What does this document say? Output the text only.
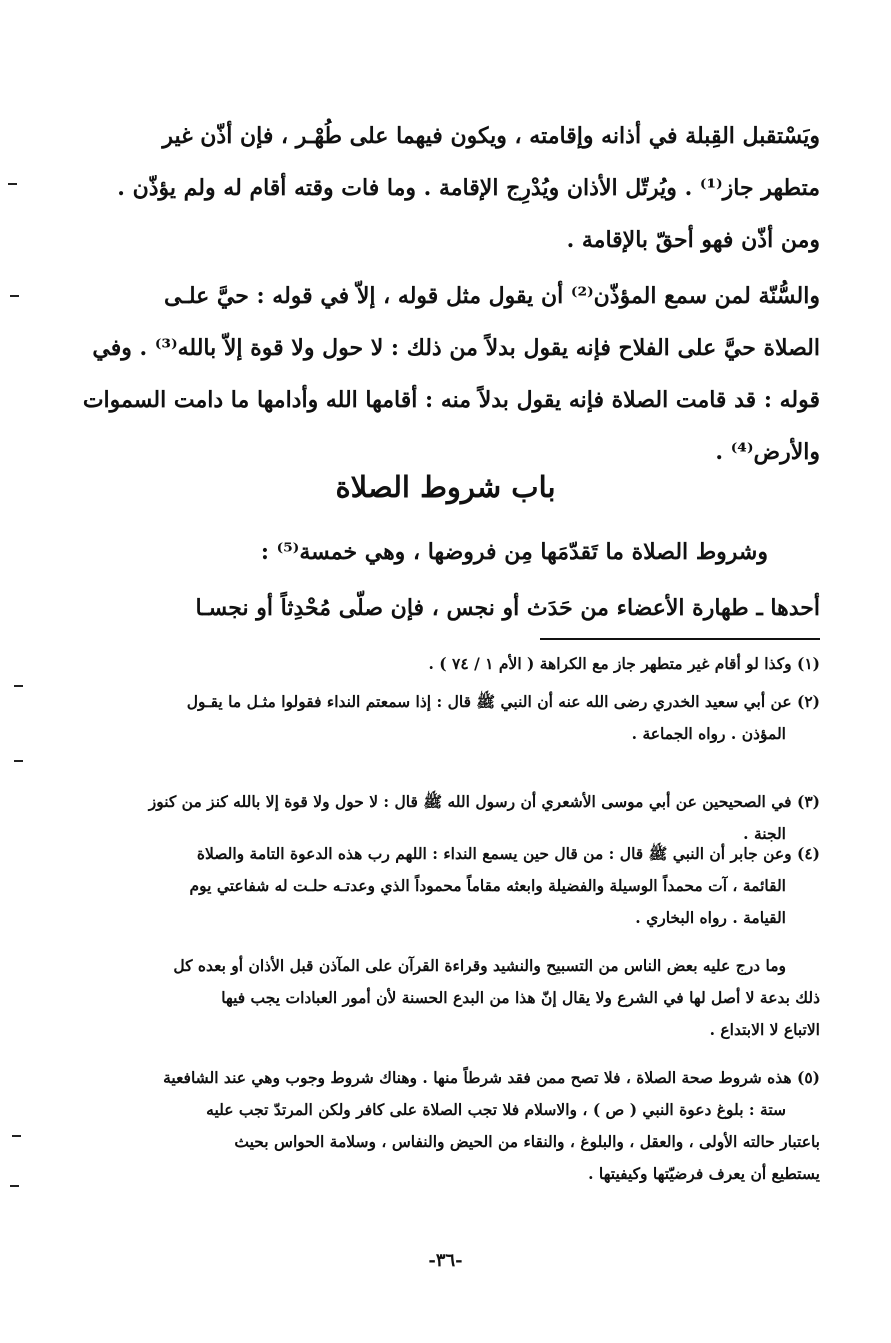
ويَسْتقبل القِبلة في أذانه وإقامته ، ويكون فيهما على طُهْـر ، فإن أذّن غير
متطهر جاز⁽¹⁾ . ويُرتّل الأذان ويُدْرِج الإقامة . وما فات وقته أقام له ولم يؤذّن .
ومن أذّن فهو أحقّ بالإقامة .
والسُّنّة لمن سمع المؤذّن⁽²⁾ أن يقول مثل قوله ، إلاّ في قوله : حيَّ علـى
الصلاة حيَّ على الفلاح فإنه يقول بدلاً من ذلك : لا حول ولا قوة إلاّ بالله⁽³⁾ . وفي
قوله : قد قامت الصلاة فإنه يقول بدلاً منه : أقامها الله وأدامها ما دامت السموات
والأرض⁽⁴⁾ .
باب شروط الصلاة
وشروط الصلاة ما تَقدّمَها مِن فروضها ، وهي خمسة⁽⁵⁾ :
أحدها ـ طهارة الأعضاء من حَدَث أو نجس ، فإن صلّى مُحْدِثاً أو نجسـا
(١) وكذا لو أقام غير متطهر جاز مع الكراهة ( الأم ١ / ٧٤ ) .
(٢) عن أبي سعيد الخدري رضى الله عنه أن النبي ﷺ قال : إذا سمعتم النداء فقولوا مثـل ما يقـول
المؤذن . رواه الجماعة .
(٣) في الصحيحين عن أبي موسى الأشعري أن رسول الله ﷺ قال : لا حول ولا قوة إلا بالله كنز من كنوز
الجنة .
(٤) وعن جابر أن النبي ﷺ قال : من قال حين يسمع النداء : اللهم رب هذه الدعوة التامة والصلاة
القائمة ، آت محمداً الوسيلة والفضيلة وابعثه مقاماً محموداً الذي وعدتـه حلـت له شفاعتي يوم
القيامة . رواه البخاري .
وما درج عليه بعض الناس من التسبيح والنشيد وقراءة القرآن على المآذن قبل الأذان أو بعده كل
ذلك بدعة لا أصل لها في الشرع ولا يقال إنّ هذا من البدع الحسنة لأن أمور العبادات يجب فيها
الاتباع لا الابتداع .
(٥) هذه شروط صحة الصلاة ، فلا تصح ممن فقد شرطاً منها . وهناك شروط وجوب وهي عند الشافعية
ستة : بلوغ دعوة النبي ( ص ) ، والاسلام فلا تجب الصلاة على كافر ولكن المرتدّ تجب عليه
باعتبار حالته الأولى ، والعقل ، والبلوغ ، والنقاء من الحيض والنفاس ، وسلامة الحواس بحيث
يستطيع أن يعرف فرضيّتها وكيفيتها .
-٣٦-
